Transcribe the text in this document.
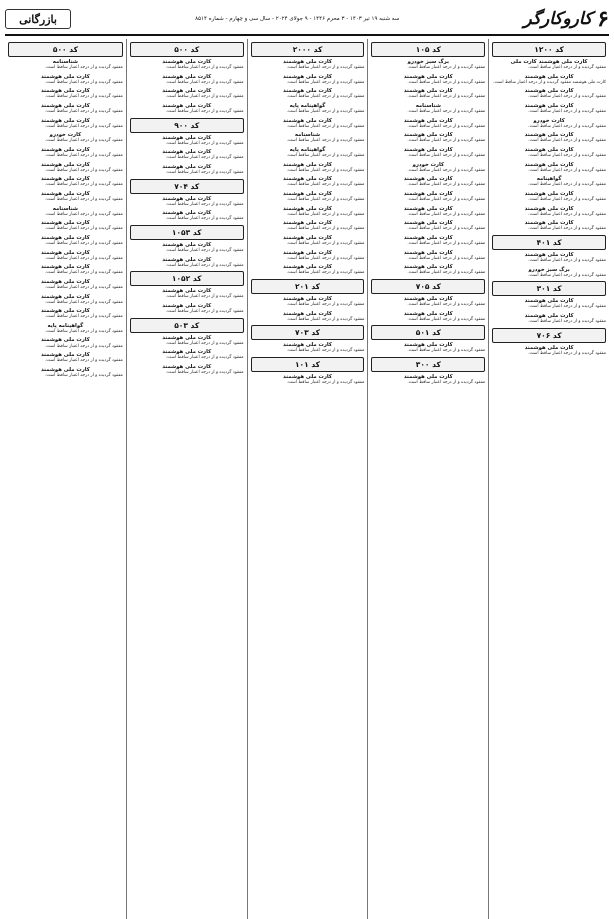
۶
کاروکارگر
سه شنبه ۱۹ تیر ۱۴۰۳ - ۳ محرم ۱۴۴۶ - ۹ جولای ۲۰۲۴ - سال سی و چهارم - شماره ۸۵۱۴
بازرگانی
کد ۱۲۰۰
کارت ملی هوشمند کارت ملی
مفقود گردیده و از درجه اعتبار ساقط است.
کارت ملی هوشمند
کارت ملی هوشمند مفقود گردیده و از درجه اعتبار ساقط است.
کارت ملی هوشمند
مفقود گردیده و از درجه اعتبار ساقط است.
کارت ملی هوشمند
مفقود گردیده و از درجه اعتبار ساقط است.
کارت خودرو
مفقود گردیده و از درجه اعتبار ساقط است.
کارت ملی هوشمند
مفقود گردیده و از درجه اعتبار ساقط است.
کارت ملی هوشمند
مفقود گردیده و از درجه اعتبار ساقط است.
کارت ملی هوشمند
مفقود گردیده و از درجه اعتبار ساقط است.
گواهینامه
مفقود گردیده و از درجه اعتبار ساقط است.
کارت ملی هوشمند
مفقود گردیده و از درجه اعتبار ساقط است.
کارت ملی هوشمند
مفقود گردیده و از درجه اعتبار ساقط است.
کارت ملی هوشمند
مفقود گردیده و از درجه اعتبار ساقط است.
کد ۴۰۱
کارت ملی هوشمند
مفقود گردیده و از درجه اعتبار ساقط است.
برگ سبز خودرو
مفقود گردیده و از درجه اعتبار ساقط است.
کد ۳۰۱
کارت ملی هوشمند
مفقود گردیده و از درجه اعتبار ساقط است.
کارت ملی هوشمند
مفقود گردیده و از درجه اعتبار ساقط است.
کد ۷۰۶
کارت ملی هوشمند
مفقود گردیده و از درجه اعتبار ساقط است.
کد ۱۰۵
برگ سبز خودرو
مفقود گردیده و از درجه اعتبار ساقط است.
کارت ملی هوشمند
مفقود گردیده و از درجه اعتبار ساقط است.
کارت ملی هوشمند
مفقود گردیده و از درجه اعتبار ساقط است.
شناسنامه
مفقود گردیده و از درجه اعتبار ساقط است.
کارت ملی هوشمند
مفقود گردیده و از درجه اعتبار ساقط است.
کارت ملی هوشمند
مفقود گردیده و از درجه اعتبار ساقط است.
کارت ملی هوشمند
مفقود گردیده و از درجه اعتبار ساقط است.
کارت خودرو
مفقود گردیده و از درجه اعتبار ساقط است.
کارت ملی هوشمند
مفقود گردیده و از درجه اعتبار ساقط است.
کارت ملی هوشمند
مفقود گردیده و از درجه اعتبار ساقط است.
کارت ملی هوشمند
مفقود گردیده و از درجه اعتبار ساقط است.
کارت ملی هوشمند
مفقود گردیده و از درجه اعتبار ساقط است.
کارت ملی هوشمند
مفقود گردیده و از درجه اعتبار ساقط است.
کارت ملی هوشمند
مفقود گردیده و از درجه اعتبار ساقط است.
کارت ملی هوشمند
مفقود گردیده و از درجه اعتبار ساقط است.
کد ۷۰۵
کارت ملی هوشمند
مفقود گردیده و از درجه اعتبار ساقط است.
کارت ملی هوشمند
مفقود گردیده و از درجه اعتبار ساقط است.
کد ۵۰۱
کارت ملی هوشمند
مفقود گردیده و از درجه اعتبار ساقط است.
کد ۳۰۰
کارت ملی هوشمند
مفقود گردیده و از درجه اعتبار ساقط است.
کد ۲۰۰۰
کارت ملی هوشمند
مفقود گردیده و از درجه اعتبار ساقط است.
کارت ملی هوشمند
مفقود گردیده و از درجه اعتبار ساقط است.
کارت ملی هوشمند
مفقود گردیده و از درجه اعتبار ساقط است.
گواهینامه پایه
مفقود گردیده و از درجه اعتبار ساقط است.
کارت ملی هوشمند
مفقود گردیده و از درجه اعتبار ساقط است.
شناسنامه
مفقود گردیده و از درجه اعتبار ساقط است.
گواهینامه پایه
مفقود گردیده و از درجه اعتبار ساقط است.
کارت ملی هوشمند
مفقود گردیده و از درجه اعتبار ساقط است.
کارت ملی هوشمند
مفقود گردیده و از درجه اعتبار ساقط است.
کارت ملی هوشمند
مفقود گردیده و از درجه اعتبار ساقط است.
کارت ملی هوشمند
مفقود گردیده و از درجه اعتبار ساقط است.
کارت ملی هوشمند
مفقود گردیده و از درجه اعتبار ساقط است.
کارت ملی هوشمند
مفقود گردیده و از درجه اعتبار ساقط است.
کارت ملی هوشمند
مفقود گردیده و از درجه اعتبار ساقط است.
کارت ملی هوشمند
مفقود گردیده و از درجه اعتبار ساقط است.
کد ۲۰۱
کارت ملی هوشمند
مفقود گردیده و از درجه اعتبار ساقط است.
کارت ملی هوشمند
مفقود گردیده و از درجه اعتبار ساقط است.
کد ۷۰۳
کارت ملی هوشمند
مفقود گردیده و از درجه اعتبار ساقط است.
کد ۱۰۱
کارت ملی هوشمند
مفقود گردیده و از درجه اعتبار ساقط است.
کد ۵۰۰
کارت ملی هوشمند
مفقود گردیده و از درجه اعتبار ساقط است.
کارت ملی هوشمند
مفقود گردیده و از درجه اعتبار ساقط است.
کارت ملی هوشمند
مفقود گردیده و از درجه اعتبار ساقط است.
کارت ملی هوشمند
مفقود گردیده و از درجه اعتبار ساقط است.
کد ۹۰۰
کارت ملی هوشمند
مفقود گردیده و از درجه اعتبار ساقط است.
کارت ملی هوشمند
مفقود گردیده و از درجه اعتبار ساقط است.
کارت ملی هوشمند
مفقود گردیده و از درجه اعتبار ساقط است.
کد ۷۰۴
کارت ملی هوشمند
مفقود گردیده و از درجه اعتبار ساقط است.
کارت ملی هوشمند
مفقود گردیده و از درجه اعتبار ساقط است.
کد ۱۰۵۳
کارت ملی هوشمند
مفقود گردیده و از درجه اعتبار ساقط است.
کارت ملی هوشمند
مفقود گردیده و از درجه اعتبار ساقط است.
کد ۱۰۵۲
کارت ملی هوشمند
مفقود گردیده و از درجه اعتبار ساقط است.
کارت ملی هوشمند
مفقود گردیده و از درجه اعتبار ساقط است.
کد ۵۰۳
کارت ملی هوشمند
مفقود گردیده و از درجه اعتبار ساقط است.
کارت ملی هوشمند
مفقود گردیده و از درجه اعتبار ساقط است.
کارت ملی هوشمند
مفقود گردیده و از درجه اعتبار ساقط است.
کد ۵۰۰
شناسنامه
مفقود گردیده و از درجه اعتبار ساقط است.
کارت ملی هوشمند
مفقود گردیده و از درجه اعتبار ساقط است.
کارت ملی هوشمند
مفقود گردیده و از درجه اعتبار ساقط است.
کارت ملی هوشمند
مفقود گردیده و از درجه اعتبار ساقط است.
کارت ملی هوشمند
مفقود گردیده و از درجه اعتبار ساقط است.
کارت خودرو
مفقود گردیده و از درجه اعتبار ساقط است.
کارت ملی هوشمند
مفقود گردیده و از درجه اعتبار ساقط است.
کارت ملی هوشمند
مفقود گردیده و از درجه اعتبار ساقط است.
کارت ملی هوشمند
مفقود گردیده و از درجه اعتبار ساقط است.
کارت ملی هوشمند
مفقود گردیده و از درجه اعتبار ساقط است.
شناسنامه
مفقود گردیده و از درجه اعتبار ساقط است.
کارت ملی هوشمند
مفقود گردیده و از درجه اعتبار ساقط است.
کارت ملی هوشمند
مفقود گردیده و از درجه اعتبار ساقط است.
کارت ملی هوشمند
مفقود گردیده و از درجه اعتبار ساقط است.
کارت ملی هوشمند
مفقود گردیده و از درجه اعتبار ساقط است.
کارت ملی هوشمند
مفقود گردیده و از درجه اعتبار ساقط است.
کارت ملی هوشمند
مفقود گردیده و از درجه اعتبار ساقط است.
کارت ملی هوشمند
مفقود گردیده و از درجه اعتبار ساقط است.
گواهینامه پایه
مفقود گردیده و از درجه اعتبار ساقط است.
کارت ملی هوشمند
مفقود گردیده و از درجه اعتبار ساقط است.
کارت ملی هوشمند
مفقود گردیده و از درجه اعتبار ساقط است.
کارت ملی هوشمند
مفقود گردیده و از درجه اعتبار ساقط است.
